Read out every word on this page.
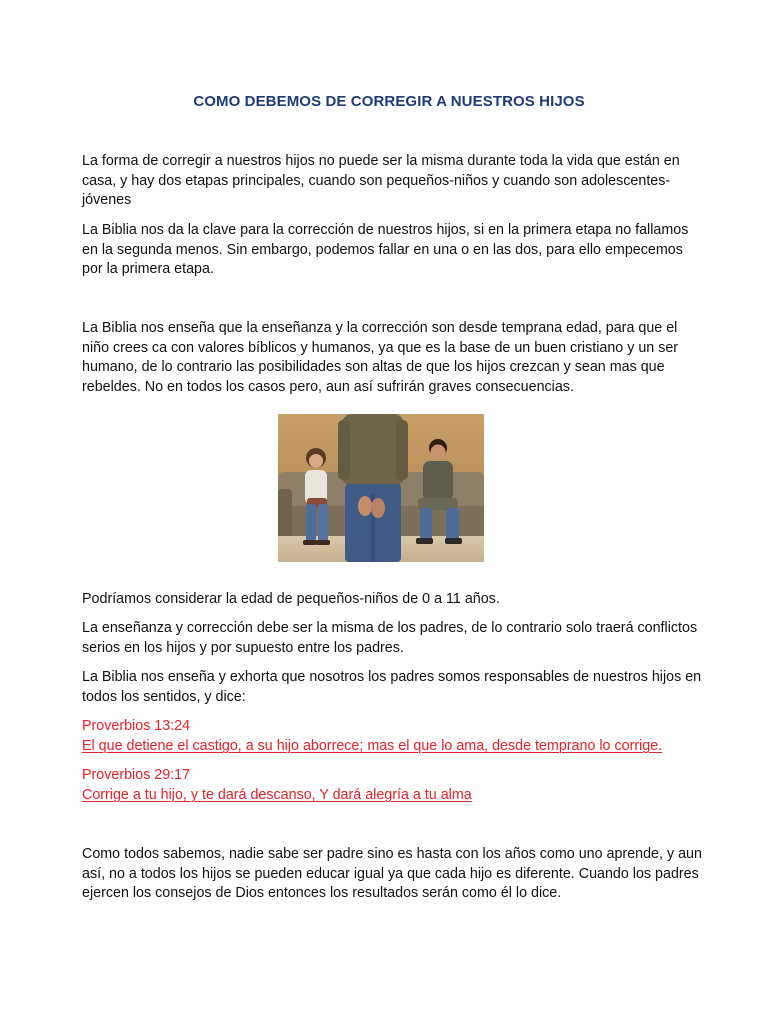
COMO DEBEMOS DE CORREGIR A NUESTROS HIJOS

La forma de corregir a nuestros hijos no puede ser la misma durante toda la vida que están en casa, y hay dos etapas principales, cuando son pequeños-niños y cuando son adolescentes-jóvenes

La Biblia nos da la clave para la corrección de nuestros hijos, si en la primera etapa no fallamos en la segunda menos. Sin embargo, podemos fallar en una o en las dos, para ello empecemos por la primera etapa.

La Biblia nos enseña que la enseñanza y la corrección son desde temprana edad, para que el niño crees ca con valores bíblicos y humanos, ya que es la base de un buen cristiano y un ser humano, de lo contrario las posibilidades son altas de que los hijos crezcan y sean mas que rebeldes. No en todos los casos pero, aun así sufrirán graves consecuencias.

Podríamos considerar la edad de pequeños-niños de 0 a 11 años.

La enseñanza y corrección debe ser la misma de los padres, de lo contrario solo traerá conflictos serios en los hijos y por supuesto entre los padres.

La Biblia nos enseña y exhorta que nosotros los padres somos responsables de nuestros hijos en todos los sentidos, y dice:

Proverbios 13:24

El que detiene el castigo, a su hijo aborrece; mas el que lo ama, desde temprano lo corrige.

Proverbios 29:17

Corrige a tu hijo, y te dará descanso, Y dará alegría a tu alma

Como todos sabemos, nadie sabe ser padre sino es hasta con los años como uno aprende, y aun así, no a todos los hijos se pueden educar igual ya que cada hijo es diferente. Cuando los padres ejercen los consejos de Dios entonces los resultados serán como él lo dice.
